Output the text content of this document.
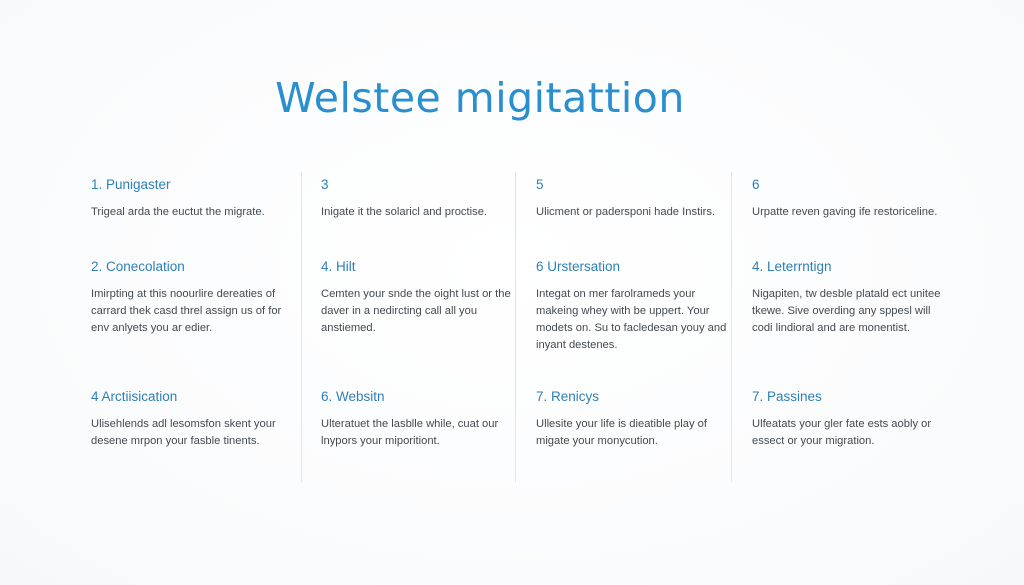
Welstee migitattion

1. Punigaster

Trigeal arda the euctut the migrate.

3

Inigate it the solaricl and proctise.

5

Ulicment or padersponi hade Instirs.

6

Urpatte reven gaving ife restoriceline.

2. Conecolation

Imirpting at this noourlire dereaties of carrard thek casd threl assign us of for env anlyets you ar edier.

4. Hilt

Cemten your snde the oight lust or the daver in a nedircting call all you anstiemed.

6 Urstersation

Integat on mer farolrameds your makeing whey with be uppert. Your modets on. Su to facledesan youy and inyant destenes.

4. Leterrntign

Nigapiten, tw desble platald ect unitee tkewe. Sive overding any sppesl will codi lindioral and are monentist.

4 Arctiisication

Ulisehlends adl lesomsfon skent your desene mrpon your fasble tinents.

6. Websitn

Ulteratuet the lasblle while, cuat our lnypors your miporitiont.

7. Renicys

Ullesite your life is dieatible play of migate your monycution.

7. Passines

Ulfeatats your gler fate ests aobly or essect or your migration.
